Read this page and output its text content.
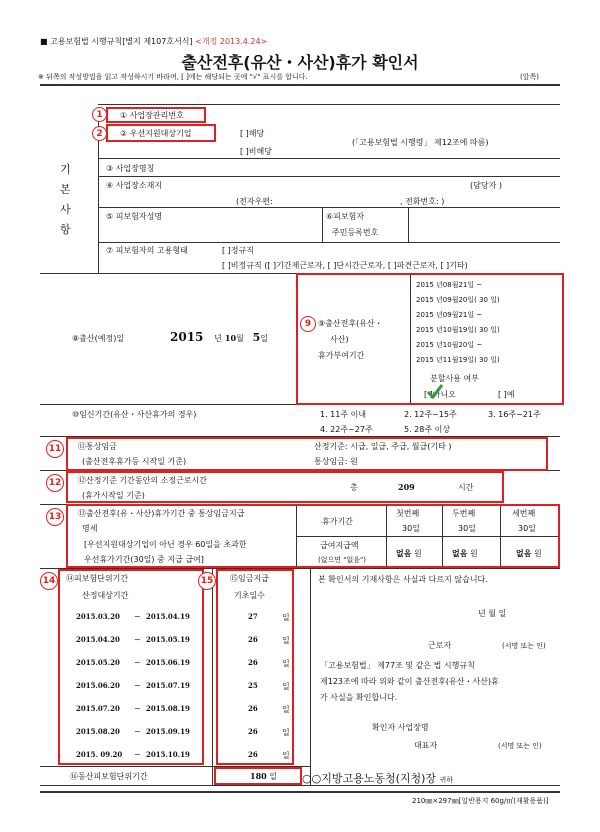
■ 고용보험법 시행규칙[별지 제107호서식] <개정 2013.4.24>
출산전후(유산・사산)휴가 확인서
※ 뒤쪽의 작성방법을 읽고 작성하시기 바라며, [ ]에는 해당되는 곳에 "√" 표시를 합니다.	(앞쪽)
기본사항
① 사업장관리번호
② 우선지원대상기업	[ ]해당
[ ]비해당
(「고용보험법 시행령」 제12조에 따름)
③ 사업장명칭
④ 사업장소재지	(담당자 )
(전자우편:	, 전화번호: )
⑤ 피보험자성명	⑥피보험자
주민등록번호
⑦ 피보험자의 고용형태	[ ]정규직
[ ]비정규직 ([ ]기간제근로자, [ ]단시간근로자, [ ]파견근로자, [ ]기타)
⑧출산(예정)일	2015 년 10월 5일
⑨출산전후(유산・
사산)
휴가부여기간
2015 년08월21일 ~
2015 년09월20일( 30 일)
2015 년09월21일 ~
2015 년10월19일( 30 일)
2015 년10월20일 ~
2015 년11월19일( 30 일)
분할사용 여부
[ ]아니오	[ ]예
⑩임신기간(유산・사산휴가의 경우)	1. 11주 이내	2. 12주~15주	3. 16주~21주
4. 22주~27주	5. 28주 이상
⑪통상임금
(출산전후휴가등 시작일 기준)
산정기준: 시급, 일급, 주급, 월급(기타 )
통상임금: 원
⑫산정기준 기간동안의 소정근로시간
(휴가시작일 기준)
총	209	시간
⑬출산전후(유・사산)휴가기간 중 통상임금지급
명세
[우선지원대상기업이 아닌 경우 60일을 초과한
우선휴가기간(30일) 중 지급 급여]
휴가기간
첫번째	두번째	세번째
30일	30일	30일
급여지급액
(없으면 "없음")
없음 원	없음 원	없음 원
⑭피보험단위기간
산정대상기간
⑮임금지급
기초일수
2015.03.20 ~ 2015.04.19	27	일
2015.04.20 ~ 2015.05.19	26	일
2015.05.20 ~ 2015.06.19	26	일
2015.06.20 ~ 2015.07.19	25	일
2015.07.20 ~ 2015.08.19	26	일
2015.08.20 ~ 2015.09.19	26	일
2015. 09.20 ~ 2015.10.19	26	일
⑯동산피보험단위기간	180 일
본 확인서의 기재사항은 사실과 다르지 않습니다.
년 월 일
근로자	(서명 또는 인)
「고용보험법」 제77조 및 같은 법 시행규칙
제123조에 따라 위와 같이 출산전후(유산・사산)휴
가 사실을 확인합니다.
확인자 사업장명
대표자	(서명 또는 인)
○○지방고용노동청(지청)장 귀하
210㎜×297㎜[일반용지 60g/㎡(재활용품)]
1
2
9
11
12
13
14	15
